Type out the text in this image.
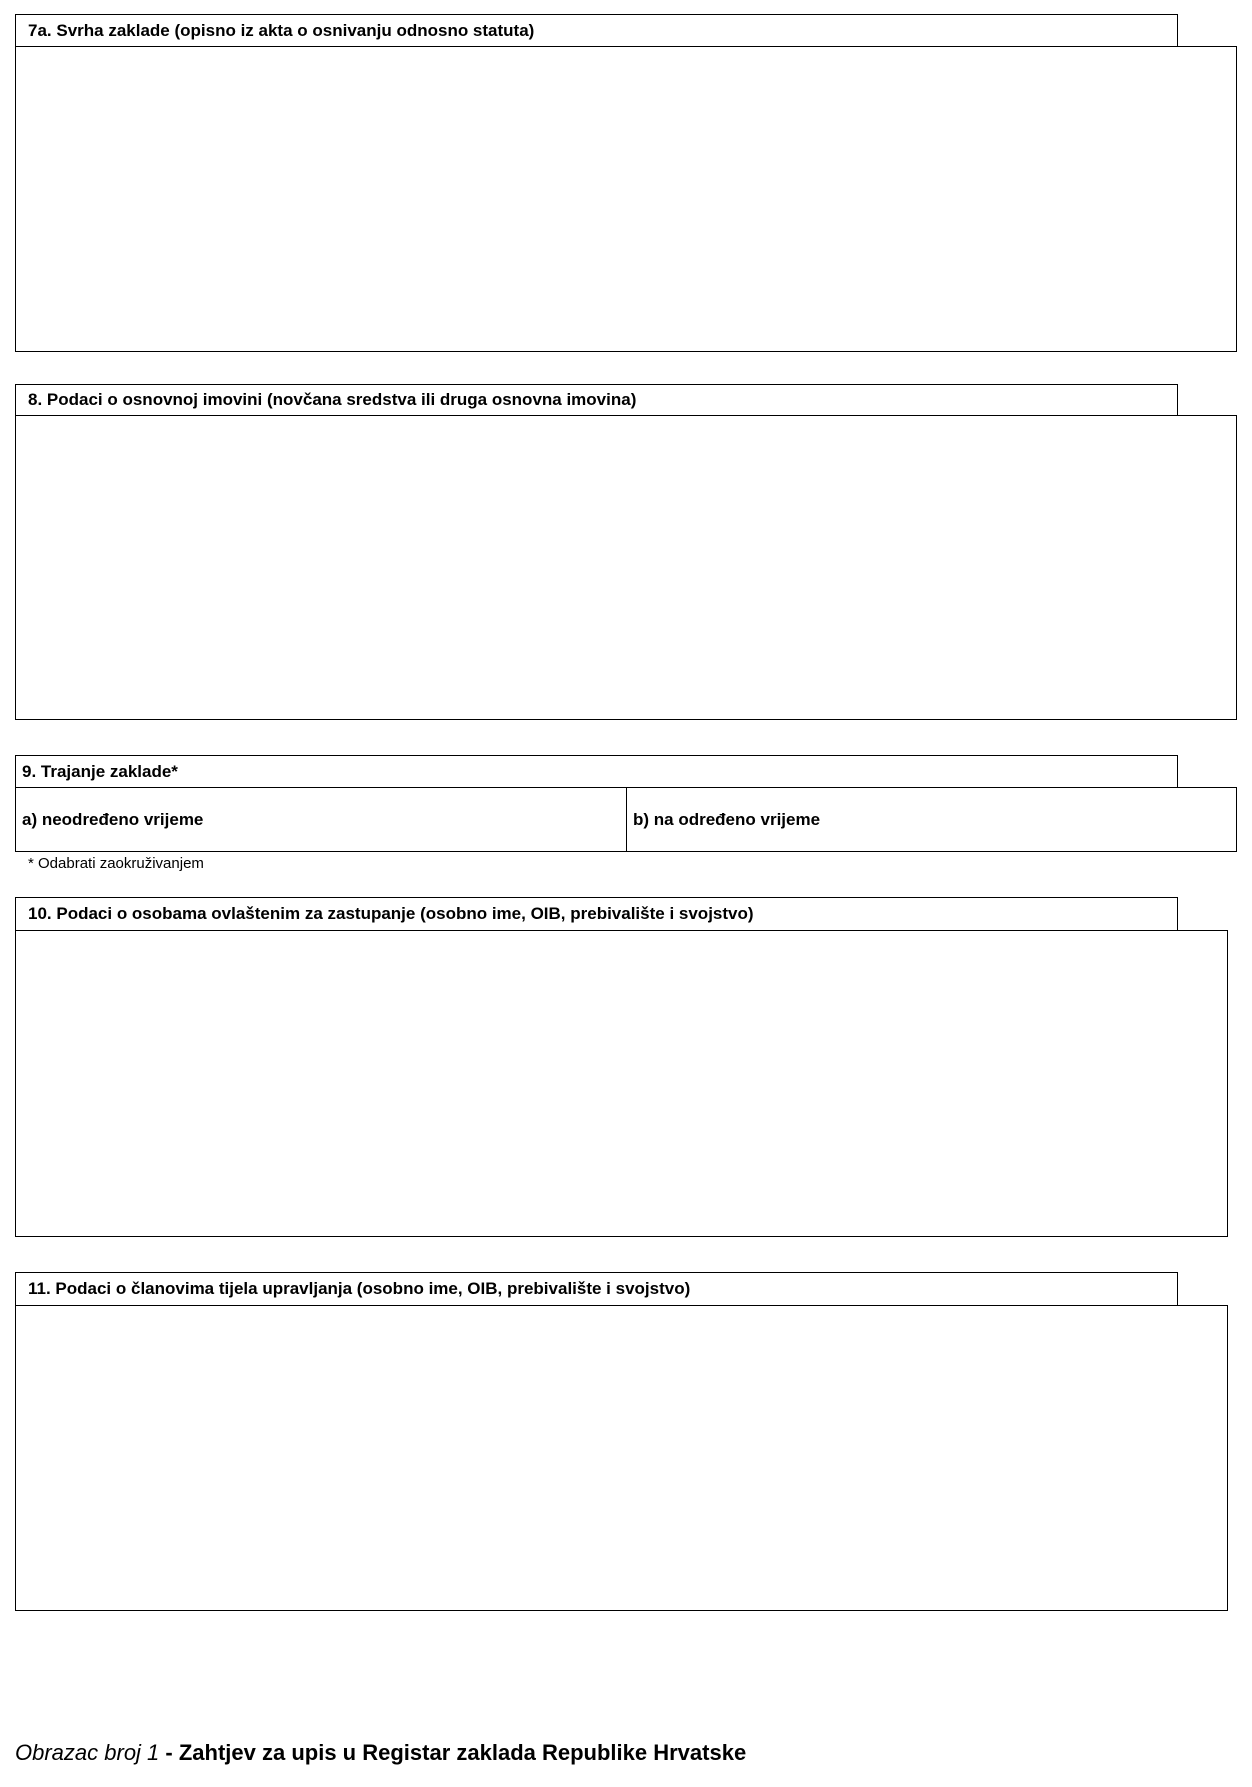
7a. Svrha zaklade (opisno iz akta o osnivanju odnosno statuta)
8. Podaci o osnovnoj imovini (novčana sredstva ili druga osnovna imovina)
9. Trajanje zaklade*
a) neodređeno vrijeme	b) na određeno vrijeme
* Odabrati zaokruživanjem
10. Podaci o osobama ovlaštenim za zastupanje (osobno ime, OIB, prebivalište i svojstvo)
11. Podaci o članovima tijela upravljanja (osobno ime, OIB, prebivalište i svojstvo)
Obrazac broj 1 - Zahtjev za upis u Registar zaklada Republike Hrvatske
